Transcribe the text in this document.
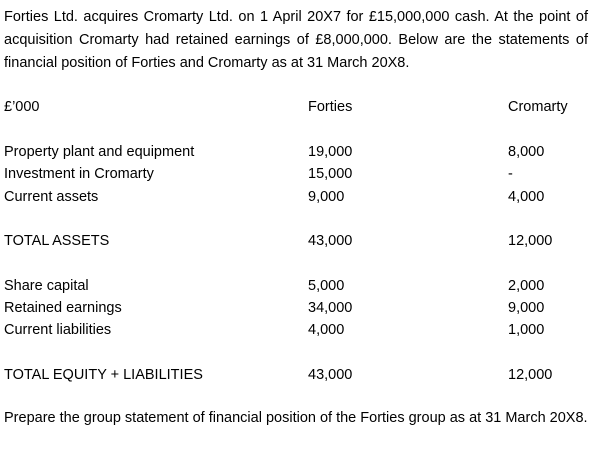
Forties Ltd. acquires Cromarty Ltd. on 1 April 20X7 for £15,000,000 cash. At the point of acquisition Cromarty had retained earnings of £8,000,000. Below are the statements of financial position of Forties and Cromarty as at 31 March 20X8.
£’000	Forties	Cromarty
Property plant and equipment	19,000	8,000
Investment in Cromarty	15,000	-
Current assets	9,000	4,000
TOTAL ASSETS	43,000	12,000
Share capital	5,000	2,000
Retained earnings	34,000	9,000
Current liabilities	4,000	1,000
TOTAL EQUITY + LIABILITIES	43,000	12,000
Prepare the group statement of financial position of the Forties group as at 31 March 20X8.
